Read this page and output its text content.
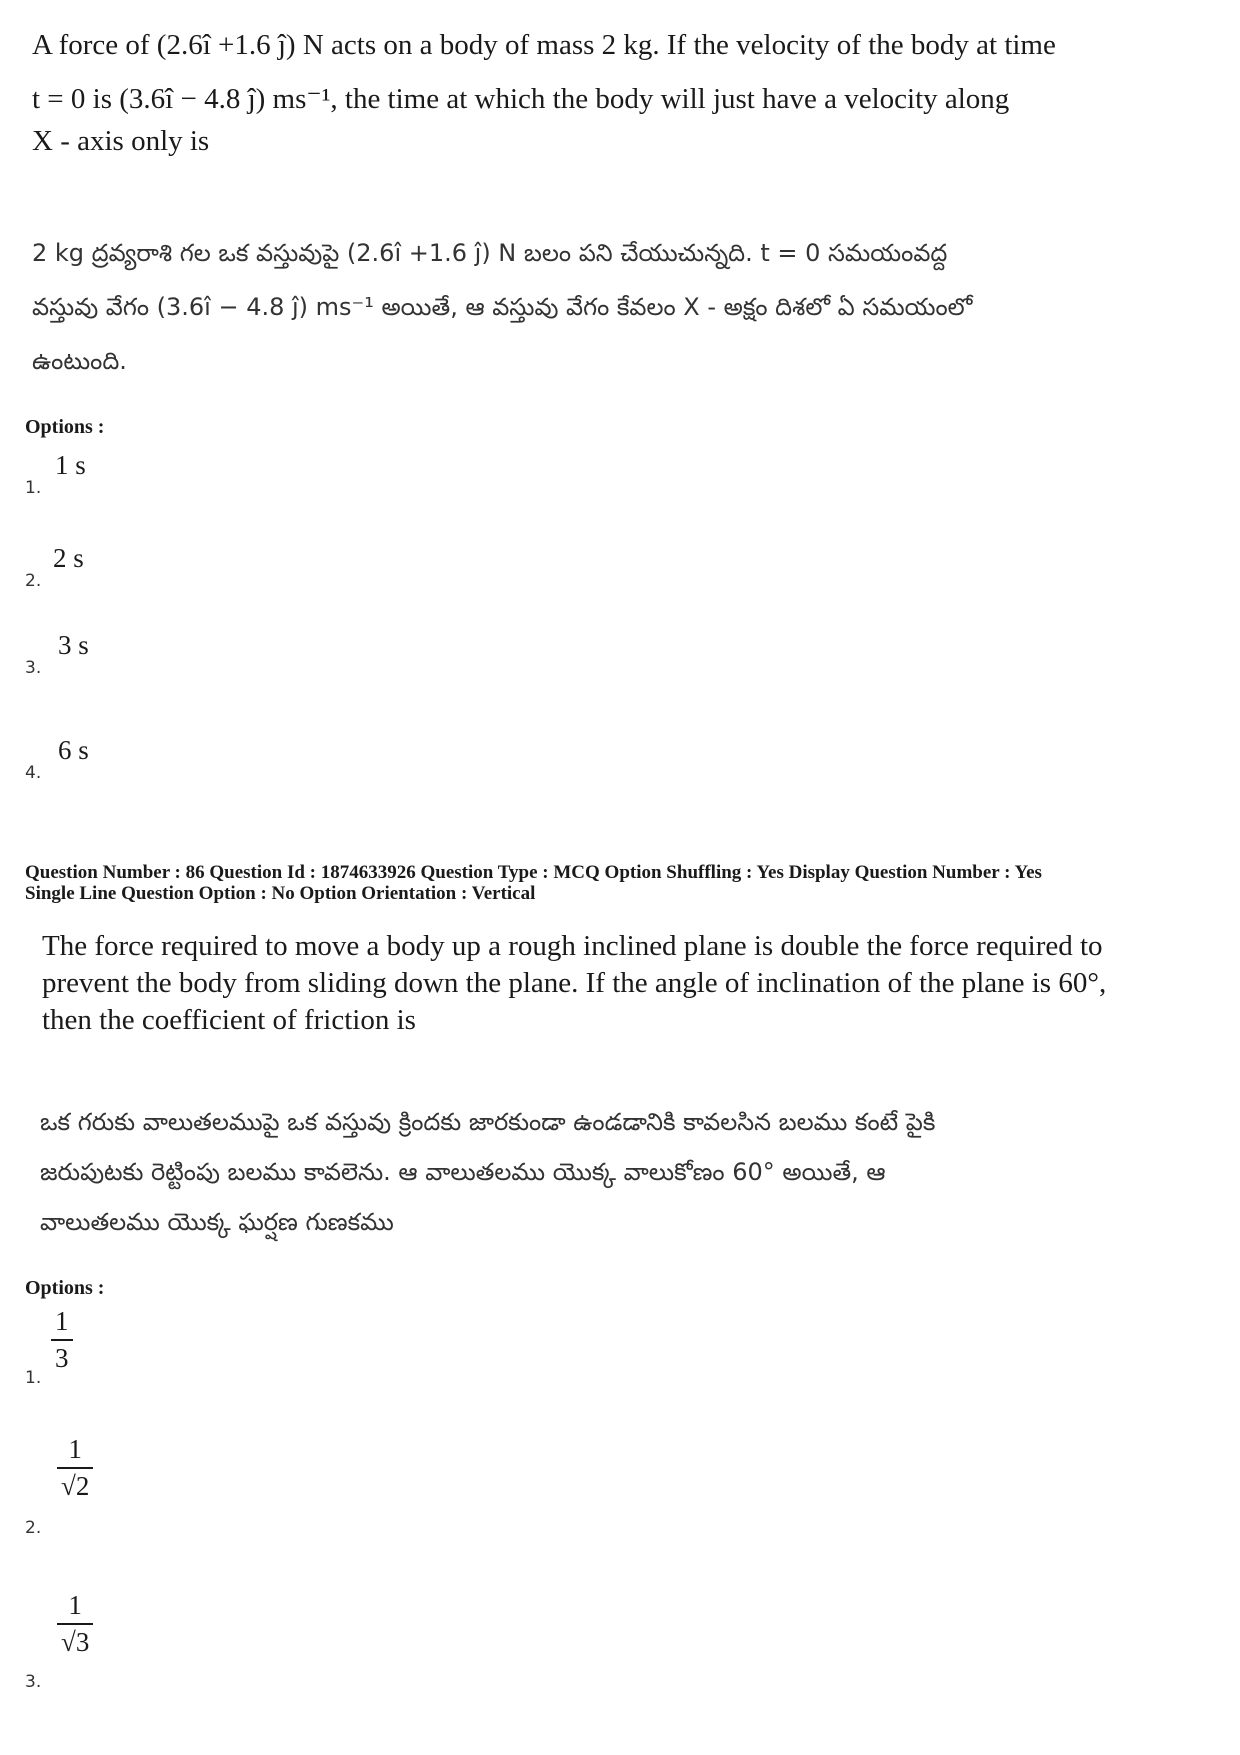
A force of (2.6î +1.6 ĵ) N acts on a body of mass 2 kg. If the velocity of the body at time
t = 0 is (3.6î − 4.8 ĵ) ms⁻¹, the time at which the body will just have a velocity along
X - axis only is
2 kg ద్రవ్యరాశి గల ఒక వస్తువుపై (2.6î +1.6 ĵ) N బలం పని చేయుచున్నది. t = 0 సమయంవద్ద
వస్తువు వేగం (3.6î − 4.8 ĵ) ms⁻¹ అయితే, ఆ వస్తువు వేగం కేవలం X - అక్షం దిశలో ఏ సమయంలో
ఉంటుంది.
Options :
1 s
1.
2 s
2.
3 s
3.
6 s
4.
Question Number : 86 Question Id : 1874633926 Question Type : MCQ Option Shuffling : Yes Display Question Number : Yes
Single Line Question Option : No Option Orientation : Vertical
The force required to move a body up a rough inclined plane is double the force required to
prevent the body from sliding down the plane. If the angle of inclination of the plane is 60°,
then the coefficient of friction is
ఒక గరుకు వాలుతలముపై ఒక వస్తువు క్రిందకు జారకుండా ఉండడానికి కావలసిన బలము కంటే పైకి
జరుపుటకు రెట్టింపు బలము కావలెను. ఆ వాలుతలము యొక్క వాలుకోణం 60° అయితే, ఆ
వాలుతలము యొక్క ఘర్షణ గుణకము
Options :
1
3
1.
1
√2
2.
1
√3
3.
